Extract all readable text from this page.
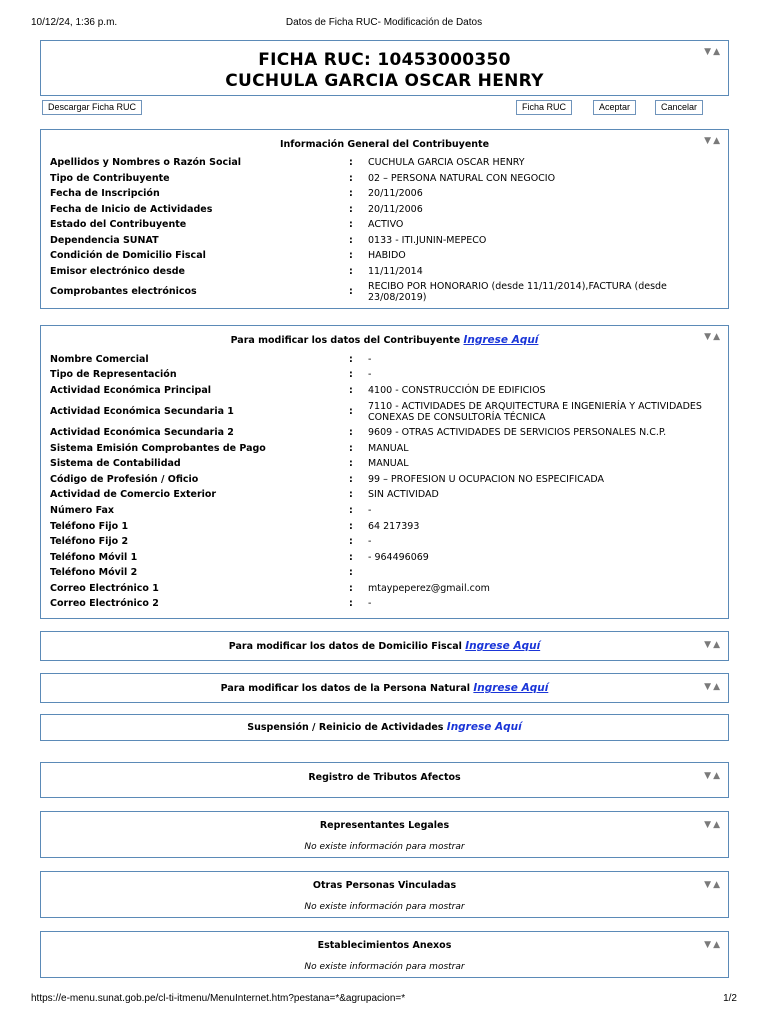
10/12/24, 1:36 p.m.	Datos de Ficha RUC- Modificación de Datos
▼▲
FICHA RUC: 10453000350
CUCHULA GARCIA OSCAR HENRY
Descargar Ficha RUC	Ficha RUC	Aceptar	Cancelar
▼▲
Información General del Contribuyente
Apellidos y Nombres o Razón Social	: CUCHULA GARCIA OSCAR HENRY
Tipo de Contribuyente	: 02 – PERSONA NATURAL CON NEGOCIO
Fecha de Inscripción	: 20/11/2006
Fecha de Inicio de Actividades	: 20/11/2006
Estado del Contribuyente	: ACTIVO
Dependencia SUNAT	: 0133 - ITI.JUNIN-MEPECO
Condición de Domicilio Fiscal	: HABIDO
Emisor electrónico desde	: 11/11/2014
Comprobantes electrónicos	: RECIBO POR HONORARIO (desde 11/11/2014),FACTURA (desde 23/08/2019)
▼▲
Para modificar los datos del Contribuyente Ingrese Aquí
Nombre Comercial	: -
Tipo de Representación	: -
Actividad Económica Principal	: 4100 - CONSTRUCCIÓN DE EDIFICIOS
Actividad Económica Secundaria 1	: 7110 - ACTIVIDADES DE ARQUITECTURA E INGENIERÍA Y ACTIVIDADES CONEXAS DE CONSULTORÍA TÉCNICA
Actividad Económica Secundaria 2	: 9609 - OTRAS ACTIVIDADES DE SERVICIOS PERSONALES N.C.P.
Sistema Emisión Comprobantes de Pago	: MANUAL
Sistema de Contabilidad	: MANUAL
Código de Profesión / Oficio	: 99 – PROFESION U OCUPACION NO ESPECIFICADA
Actividad de Comercio Exterior	: SIN ACTIVIDAD
Número Fax	: -
Teléfono Fijo 1	: 64 217393
Teléfono Fijo 2	: -
Teléfono Móvil 1	: - 964496069
Teléfono Móvil 2	:
Correo Electrónico 1	: mtaypeperez@gmail.com
Correo Electrónico 2	: -
▼▲
Para modificar los datos de Domicilio Fiscal Ingrese Aquí
▼▲
Para modificar los datos de la Persona Natural Ingrese Aquí
Suspensión / Reinicio de Actividades Ingrese Aquí
▼▲
Registro de Tributos Afectos
▼▲
Representantes Legales
No existe información para mostrar
▼▲
Otras Personas Vinculadas
No existe información para mostrar
▼▲
Establecimientos Anexos
No existe información para mostrar
https://e-menu.sunat.gob.pe/cl-ti-itmenu/MenuInternet.htm?pestana=*&agrupacion=*	1/2
